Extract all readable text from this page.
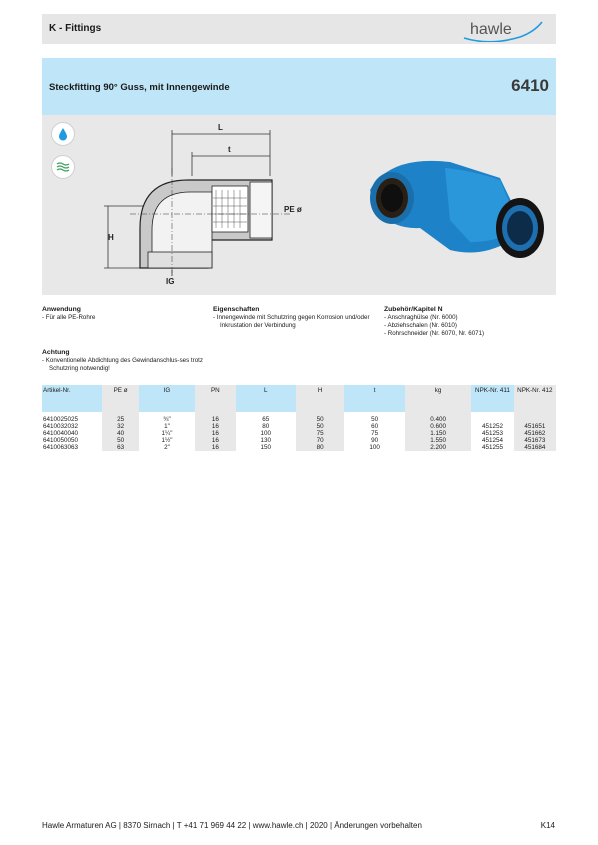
K - Fittings	hawle
Steckfitting 90° Guss, mit Innengewinde	6410
L
t
PE ø
H
IG
Anwendung
- Für alle PE-Rohre
Eigenschaften
- Innengewinde mit Schutzring gegen Korrosion und/oder Inkrustation der Verbindung
Zubehör/Kapitel N
- Anschraghülse (Nr. 6000)
- Abziehschalen (Nr. 6010)
- Rohrschneider (Nr. 6070, Nr. 6071)
Achtung
- Konventionelle Abdichtung des Gewindanschlus-ses trotz Schutzring notwendig!
Artikel-Nr.	PE ø	IG	PN	L	H	t	kg	NPK-Nr. 411	NPK-Nr. 412

6410025025	25	¾"	16	65	50	50	0.400		
6410032032	32	1"	16	80	50	60	0.600	451252	451651
6410040040	40	1¼"	16	100	75	75	1.150	451253	451662
6410050050	50	1½"	16	130	70	90	1.550	451254	451673
6410063063	63	2"	16	150	80	100	2.200	451255	451684
Hawle Armaturen AG | 8370 Sirnach | T +41 71 969 44 22 | www.hawle.ch | 2020 | Änderungen vorbehalten	K14
